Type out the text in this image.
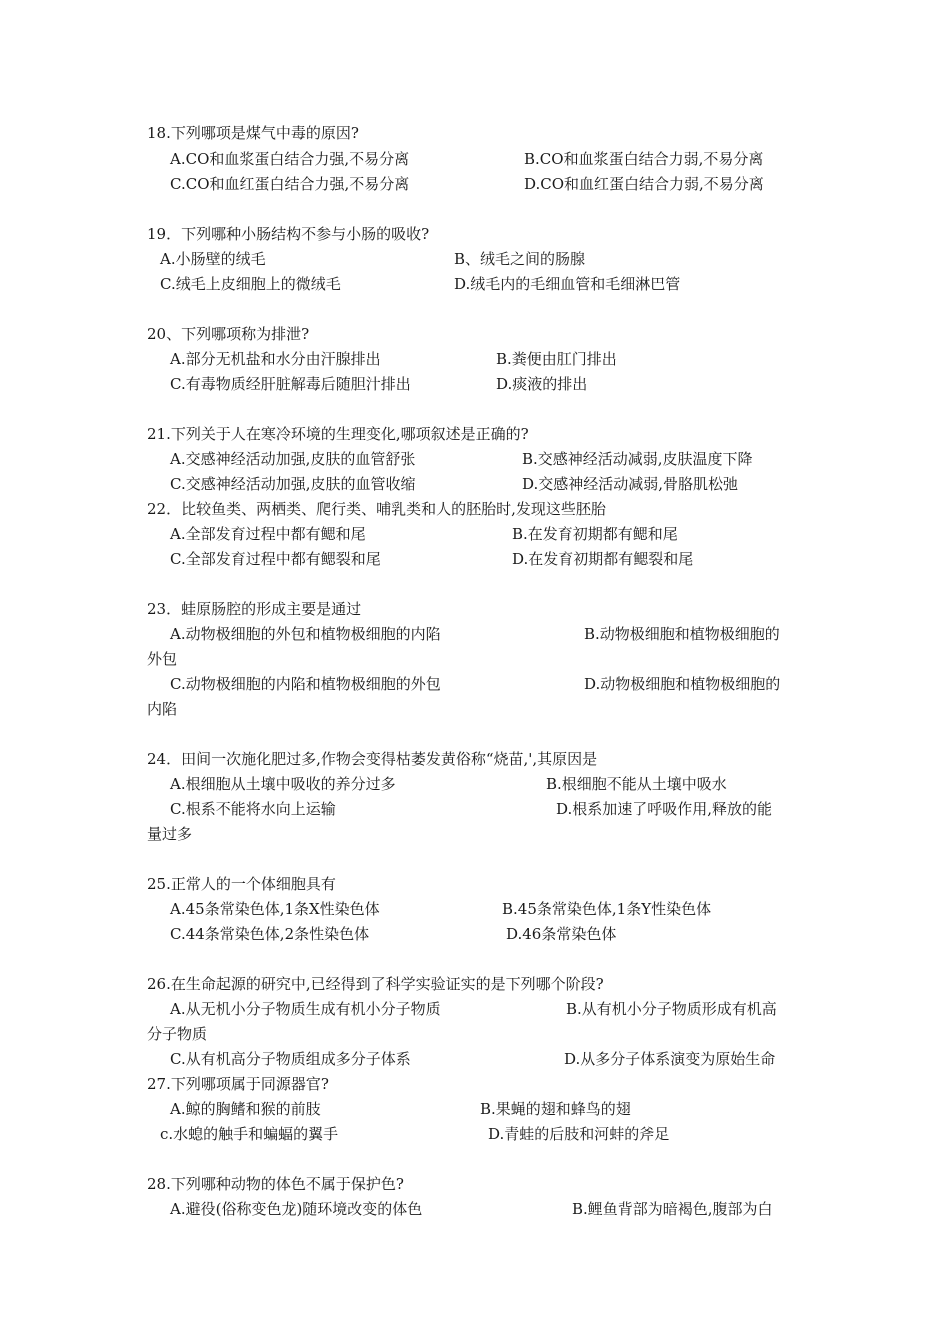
18.下列哪项是煤气中毒的原因?
A.CO和血浆蛋白结合力强,不易分离	B.CO和血浆蛋白结合力弱,不易分离
C.CO和血红蛋白结合力强,不易分离	D.CO和血红蛋白结合力弱,不易分离
19．下列哪种小肠结构不参与小肠的吸收?
A.小肠壁的绒毛	B、绒毛之间的肠腺
C.绒毛上皮细胞上的微绒毛	D.绒毛内的毛细血管和毛细淋巴管
20、下列哪项称为排泄?
A.部分无机盐和水分由汗腺排出	B.粪便由肛门排出
C.有毒物质经肝脏解毒后随胆汁排出	D.痰液的排出
21.下列关于人在寒冷环境的生理变化,哪项叙述是正确的?
A.交感神经活动加强,皮肤的血管舒张	B.交感神经活动减弱,皮肤温度下降
C.交感神经活动加强,皮肤的血管收缩	D.交感神经活动减弱,骨胳肌松弛
22．比较鱼类、两栖类、爬行类、哺乳类和人的胚胎时,发现这些胚胎
A.全部发育过程中都有鳃和尾	B.在发育初期都有鳃和尾
C.全部发育过程中都有鳃裂和尾	D.在发育初期都有鳃裂和尾
23．蛙原肠腔的形成主要是通过
A.动物极细胞的外包和植物极细胞的内陷	B.动物极细胞和植物极细胞的
外包
C.动物极细胞的内陷和植物极细胞的外包	D.动物极细胞和植物极细胞的
内陷
24．田间一次施化肥过多,作物会变得枯萎发黄俗称“烧苗,',其原因是
A.根细胞从土壤中吸收的养分过多	B.根细胞不能从土壤中吸水
C.根系不能将水向上运输	D.根系加速了呼吸作用,释放的能
量过多
25.正常人的一个体细胞具有
A.45条常染色体,1条X性染色体	B.45条常染色体,1条Y性染色体
C.44条常染色体,2条性染色体	D.46条常染色体
26.在生命起源的研究中,已经得到了科学实验证实的是下列哪个阶段?
A.从无机小分子物质生成有机小分子物质	B.从有机小分子物质形成有机高
分子物质
C.从有机高分子物质组成多分子体系	D.从多分子体系演变为原始生命
27.下列哪项属于同源器官?
A.鲸的胸鳍和猴的前肢	B.果蝇的翅和蜂鸟的翅
c.水螅的触手和蝙蝠的翼手	D.青蛙的后肢和河蚌的斧足
28.下列哪种动物的体色不属于保护色?
A.避役(俗称变色龙)随环境改变的体色	B.鲤鱼背部为暗褐色,腹部为白
